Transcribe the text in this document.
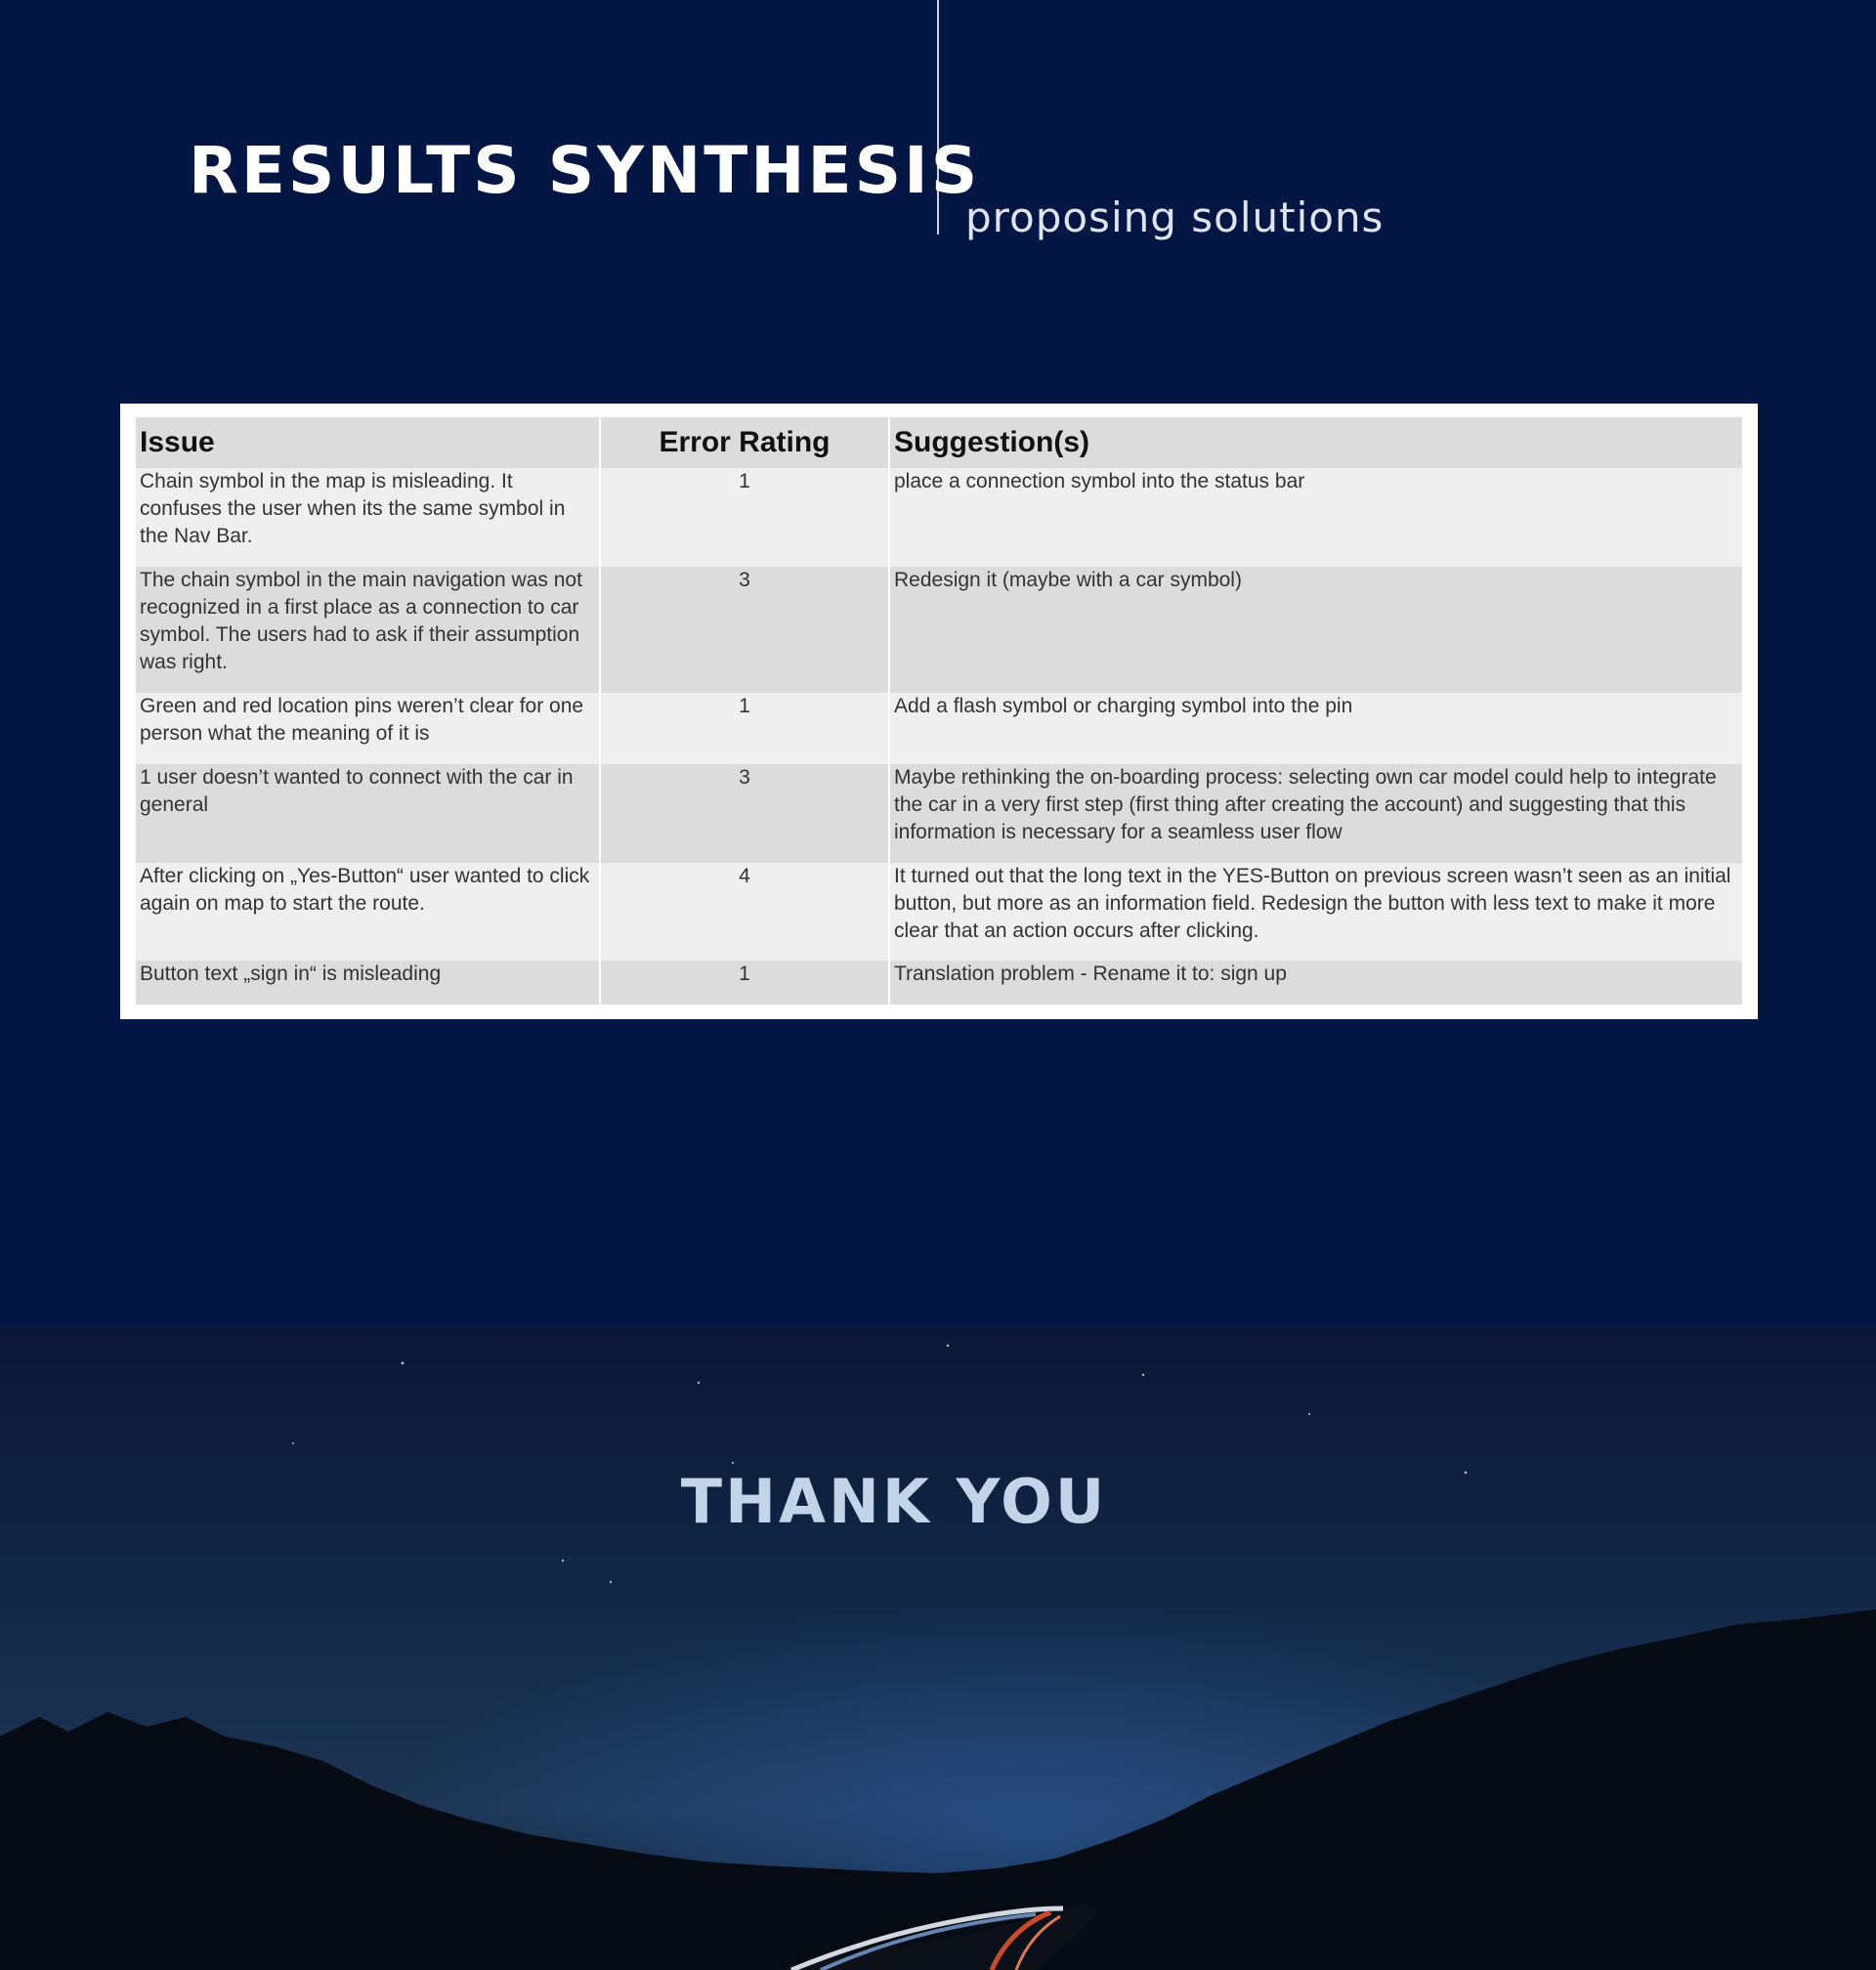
RESULTS SYNTHESIS
proposing solutions
Issue	Error Rating	Suggestion(s)
Chain symbol in the map is misleading. It confuses the user when its the same symbol in the Nav Bar.	1	place a connection symbol into the status bar
The chain symbol in the main navigation was not recognized in a first place as a connection to car symbol. The users had to ask if their assumption was right.	3	Redesign it (maybe with a car symbol)
Green and red location pins weren’t clear for one person what the meaning of it is	1	Add a flash symbol or charging symbol into the pin
1 user doesn’t wanted to connect with the car in general	3	Maybe rethinking the on-boarding process: selecting own car model could help to integrate the car in a very first step (first thing after creating the account) and suggesting that this information is necessary for a seamless user flow
After clicking on „Yes-Button“ user wanted to click again on map to start the route.	4	It turned out that the long text in the YES-Button on previous screen wasn’t seen as an initial button, but more as an information field. Redesign the button with less text to make it more clear that an action occurs after clicking.
Button text „sign in“ is misleading	1	Translation problem - Rename it to: sign up
THANK YOU
